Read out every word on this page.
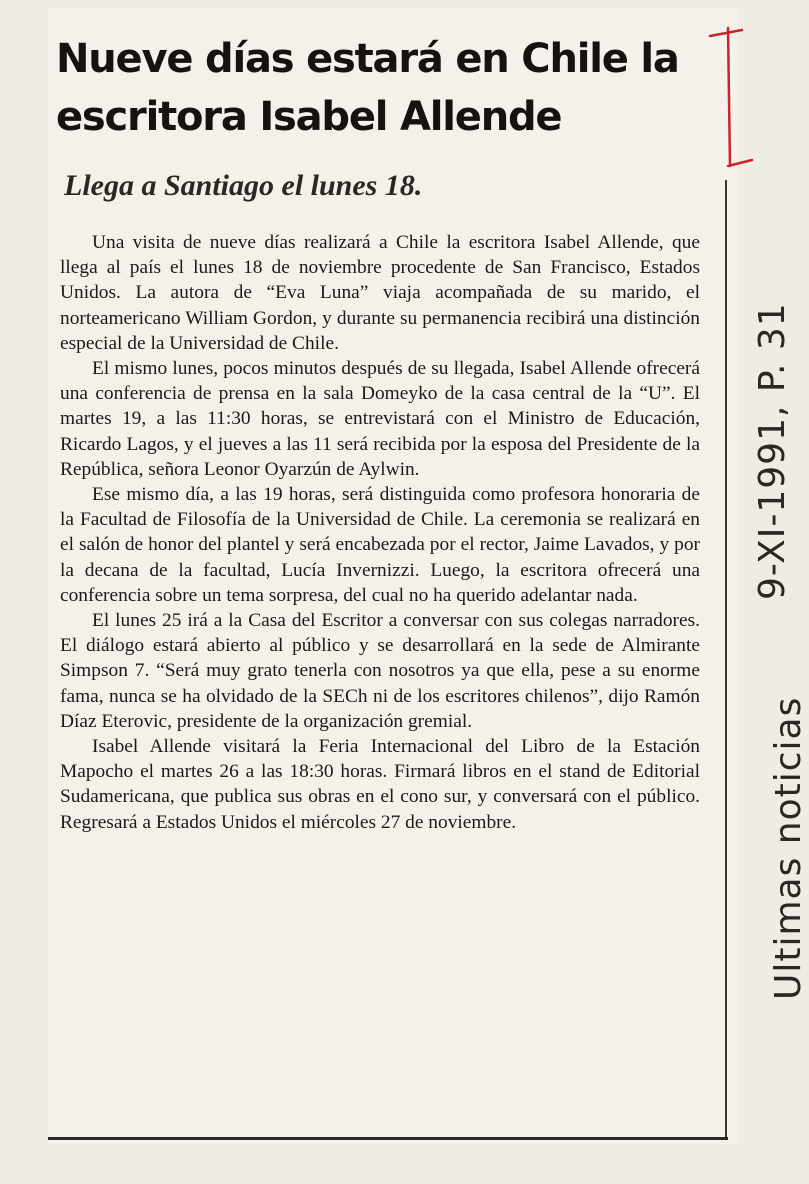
Nueve días estará en Chile la escritora Isabel Allende
Llega a Santiago el lunes 18.

Una visita de nueve días realizará a Chile la escritora Isabel Allende, que llega al país el lunes 18 de noviembre procedente de San Francisco, Estados Unidos. La autora de “Eva Luna” viaja acompañada de su marido, el norteamericano William Gordon, y durante su permanencia recibirá una distinción especial de la Universidad de Chile.

El mismo lunes, pocos minutos después de su llegada, Isabel Allende ofrecerá una conferencia de prensa en la sala Domeyko de la casa central de la “U”. El martes 19, a las 11:30 horas, se entrevistará con el Ministro de Educación, Ricardo Lagos, y el jueves a las 11 será recibida por la esposa del Presidente de la República, señora Leonor Oyarzún de Aylwin.

Ese mismo día, a las 19 horas, será distinguida como profesora honoraria de la Facultad de Filosofía de la Universidad de Chile. La ceremonia se realizará en el salón de honor del plantel y será encabezada por el rector, Jaime Lavados, y por la decana de la facultad, Lucía Invernizzi. Luego, la escritora ofrecerá una conferencia sobre un tema sorpresa, del cual no ha querido adelantar nada.

El lunes 25 irá a la Casa del Escritor a conversar con sus colegas narradores. El diálogo estará abierto al público y se desarrollará en la sede de Almirante Simpson 7. “Será muy grato tenerla con nosotros ya que ella, pese a su enorme fama, nunca se ha olvidado de la SECh ni de los escritores chilenos”, dijo Ramón Díaz Eterovic, presidente de la organización gremial.

Isabel Allende visitará la Feria Internacional del Libro de la Estación Mapocho el martes 26 a las 18:30 horas. Firmará libros en el stand de Editorial Sudamericana, que publica sus obras en el cono sur, y conversará con el público. Regresará a Estados Unidos el miércoles 27 de noviembre.	Ultimas noticias
9-XI-1991, P. 31
